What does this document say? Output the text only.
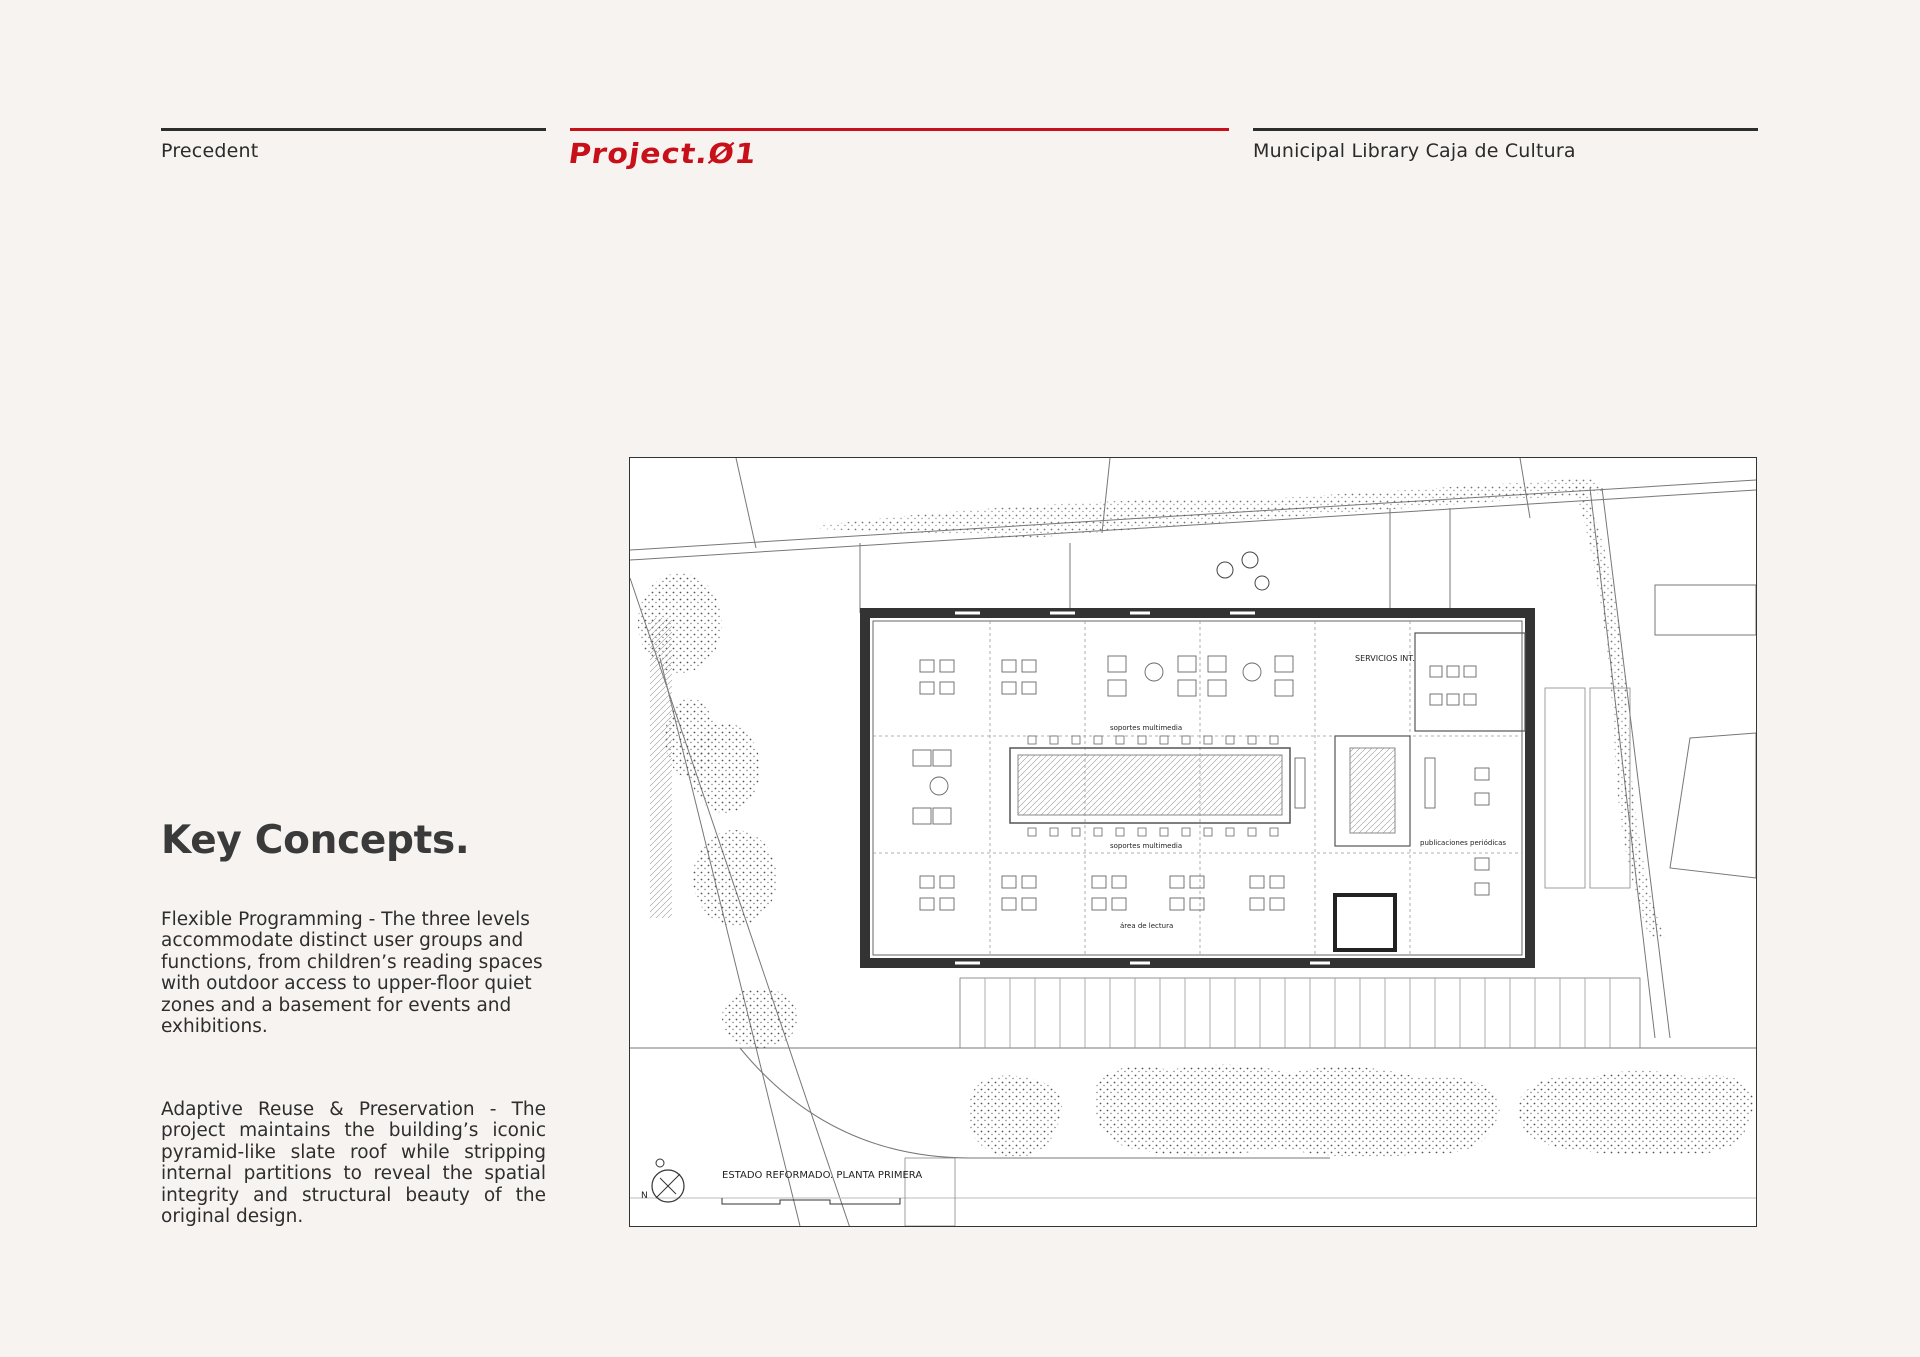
Precedent	Project.Ø1	Municipal Library Caja de Cultura
Key Concepts.
Flexible Programming - The three levels accommodate distinct user groups and functions, from children’s reading spaces with outdoor access to upper-floor quiet zones and a basement for events and exhibitions.
Adaptive Reuse & Preservation - The project maintains the building’s iconic pyramid-like slate roof while stripping internal partitions to reveal the spatial integrity and structural beauty of the original design.
SERVICIOS INT.
soportes multimedia
soportes multimedia	publicaciones periódicas
área de lectura
N
ESTADO REFORMADO. PLANTA PRIMERA
